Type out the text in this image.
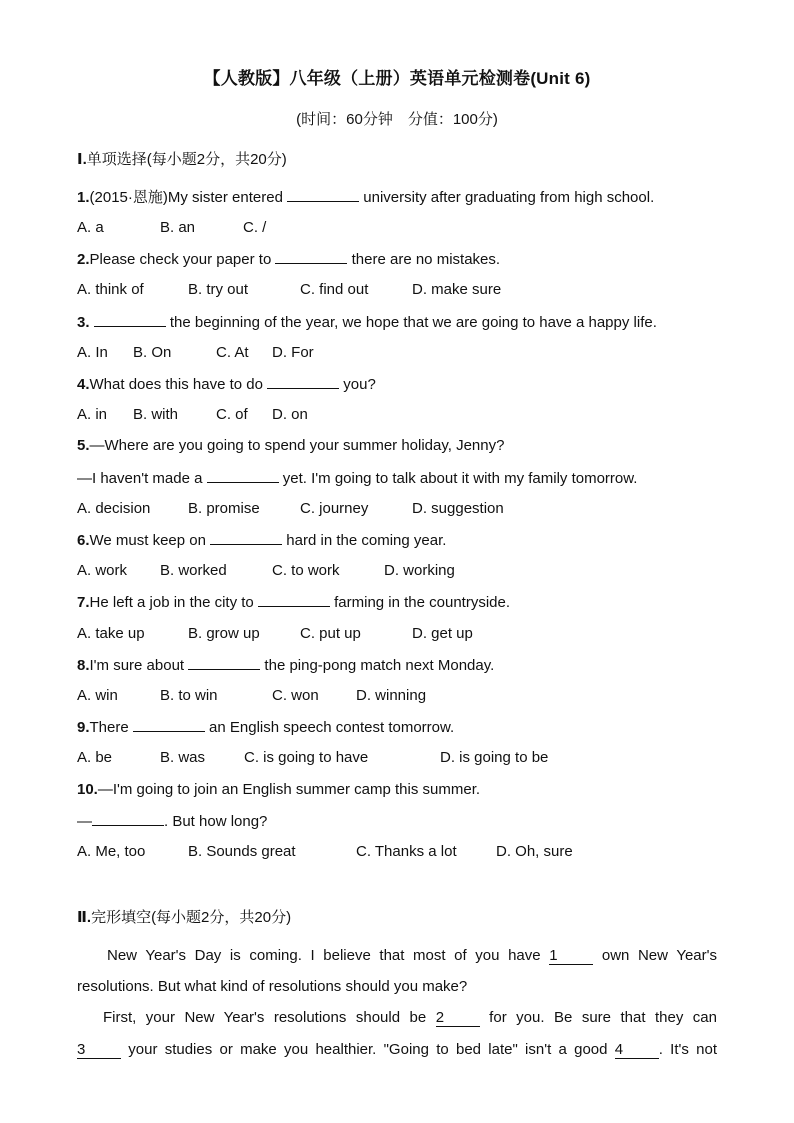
【人教版】八年级（上册）英语单元检测卷(Unit 6)
(时间：60分钟　分值：100分)
Ⅰ.单项选择(每小题2分，共20分)
1.(2015·恩施)My sister entered	university after graduating from high school.
A. a	B. an	C. /
2.Please check your paper to	there are no mistakes.
A. think of	B. try out	C. find out	D. make sure
3.	the beginning of the year, we hope that we are going to have a happy life.
A. In B. On	C. At D. For
4.What does this have to do	you?
A. in B. with	C. of D. on
5.—Where are you going to spend your summer holiday, Jenny?
—I haven't made a	yet. I'm going to talk about it with my family tomorrow.
A. decision	B. promise	C. journey	D. suggestion
6.We must keep on	hard in the coming year.
A. work B. worked	C. to work	D. working
7.He left a job in the city to	farming in the countryside.
A. take up	B. grow up	C. put up	D. get up
8.I'm sure about	the ping-pong match next Monday.
A. win	B. to win	C. won D. winning
9.There	an English speech contest tomorrow.
A. be	B. was	C. is going to have	D. is going to be
10.—I'm going to join an English summer camp this summer.
—	. But how long?
A. Me, too	B. Sounds great	C. Thanks a lot	D. Oh, sure
Ⅱ.完形填空(每小题2分，共20分)
New Year's Day is coming. I believe that most of you have 1 own New Year's
resolutions. But what kind of resolutions should you make?
First, your New Year's resolutions should be 2 for you. Be sure that they can
3 your studies or make you healthier. "Going to bed late" isn't a good 4 . It's not
